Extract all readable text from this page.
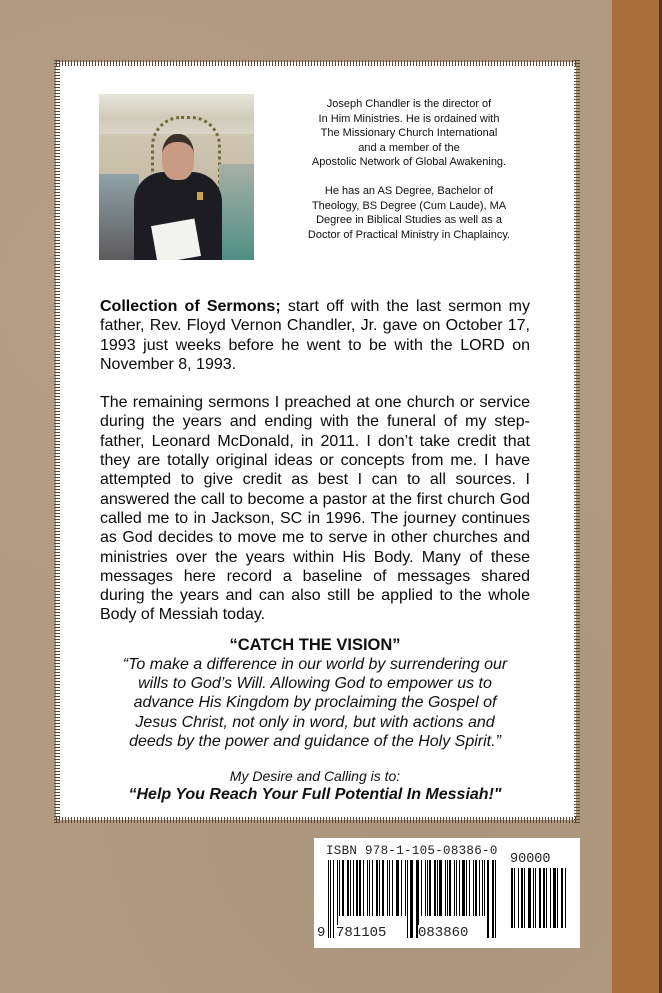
Joseph Chandler is the director of
In Him Ministries. He is ordained with
The Missionary Church International
and a member of the
Apostolic Network of Global Awakening.

He has an AS Degree, Bachelor of
Theology, BS Degree (Cum Laude), MA
Degree in Biblical Studies as well as a
Doctor of Practical Ministry in Chaplaincy.

Collection of Sermons; start off with the last sermon my father, Rev. Floyd Vernon Chandler, Jr. gave on October 17, 1993 just weeks before he went to be with the LORD on November 8, 1993.

The remaining sermons I preached at one church or service during the years and ending with the funeral of my step-father, Leonard McDonald, in 2011. I don’t take credit that they are totally original ideas or concepts from me. I have attempted to give credit as best I can to all sources. I answered the call to become a pastor at the first church God called me to in Jackson, SC in 1996. The journey continues as God decides to move me to serve in other churches and ministries over the years within His Body. Many of these messages here record a baseline of messages shared during the years and can also still be applied to the whole Body of Messiah today.

“CATCH THE VISION”
“To make a difference in our world by surrendering our
wills to God’s Will. Allowing God to empower us to
advance His Kingdom by proclaiming the Gospel of
Jesus Christ, not only in word, but with actions and
deeds by the power and guidance of the Holy Spirit.”
My Desire and Calling is to:
“Help You Reach Your Full Potential In Messiah!"
ISBN 978-1-105-08386-0
90000
9 781105 083860
